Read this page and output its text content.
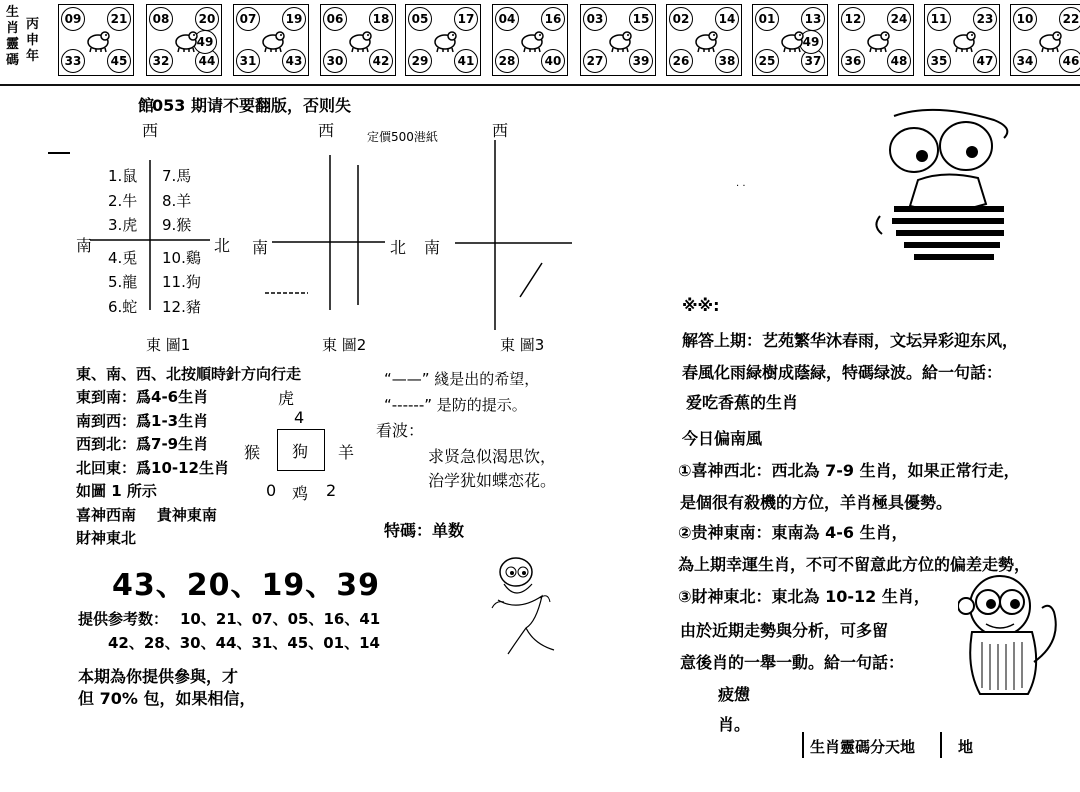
生
肖
靈
碼
丙
申
年
09	21
33	45
08	20
32	44
49
07	19
31	43
06	18
30	42
05	17
29	41
04	16
28	40
03	15
27	39
02	14
26	38
01	13
25	37
49
12	24
36	48
11	23
35	47
10	22
34	46
館
053 期请不要翻版，否则失
定價500港紙
西	西	西
1.鼠
2.牛
3.虎
4.兎
5.龍
6.蛇
7.馬
8.羊
9.猴
10.鷄
11.狗
12.豬
南	北 南	北 南
東 圖1	東 圖2	東 圖3
東、南、西、北按順時針方向行走
東到南：爲4-6生肖
南到西：爲1-3生肖
西到北：爲7-9生肖
北回東：爲10-12生肖
如圖 1 所示
喜神西南    貴神東南
財神東北
虎
4
猴 狗 羊
0 鸡 2
“——” 綫是出的希望，
“------” 是防的提示。
看波：
求贤急似渴思饮，
治学犹如蝶恋花。
特碼：单数
43、20、19、39
提供参考数： 10、21、07、05、16、41
42、28、30、44、31、45、01、14
本期為你提供參與，才
但 70% 包，如果相信，
. .
※※:
解答上期：艺苑繁华沐春雨，文坛异彩迎东风，
春風化雨緑樹成蔭緑，特碼绿波。給一句話：
爱吃香蕉的生肖
今日偏南風
①喜神西北：西北為 7-9 生肖，如果正常行走，
是個很有殺機的方位，羊肖極具優勢。
②贵神東南：東南為 4-6 生肖，
為上期幸運生肖，不可不留意此方位的偏差走勢，
③財神東北：東北為 10-12 生肖，
由於近期走勢與分析，可多留
意後肖的一舉一動。給一句話：
疲憊
肖。
生肖靈碼分天地	地
